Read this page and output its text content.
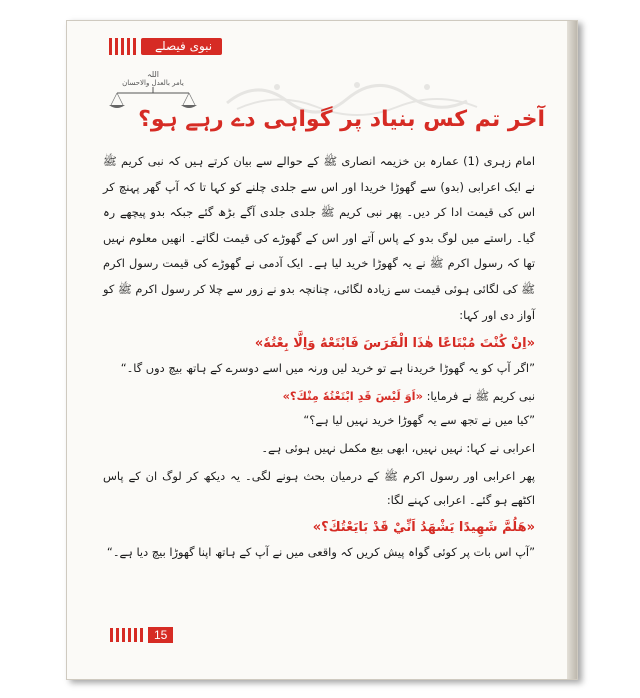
نبوی فیصلے
اللہ
یامر بالعدل والاحسان
آخر تم کس بنیاد پر گواہی دے رہے ہو؟

امام زہری (1) عمارہ بن خزیمہ انصاری ﷺ کے حوالے سے بیان کرتے ہیں کہ نبی کریم ﷺ نے ایک اعرابی (بدو) سے گھوڑا خریدا اور اس سے جلدی چلنے کو کہا تا کہ آپ گھر پہنچ کر اس کی قیمت ادا کر دیں۔ پھر نبی کریم ﷺ جلدی جلدی آگے بڑھ گئے جبکہ بدو پیچھے رہ گیا۔ راستے میں لوگ بدو کے پاس آتے اور اس کے گھوڑے کی قیمت لگاتے۔ انھیں معلوم نہیں تھا کہ رسول اکرم ﷺ نے یہ گھوڑا خرید لیا ہے۔ ایک آدمی نے گھوڑے کی قیمت رسول اکرم ﷺ کی لگائی ہوئی قیمت سے زیادہ لگائی، چنانچہ بدو نے زور سے چلا کر رسول اکرم ﷺ کو آواز دی اور کہا:

«اِنْ كُنْتَ مُبْتَاعًا هٰذَا الْفَرَسَ فَابْتَعْهُ وَاِلَّا بِعْتُهٗ»

”اگر آپ کو یہ گھوڑا خریدنا ہے تو خرید لیں ورنہ میں اسے دوسرے کے ہاتھ بیچ دوں گا۔“

نبی کریم ﷺ نے فرمایا: «اَوَ لَیْسَ قَدِ ابْتَعْتُهٗ مِنْكَ؟»

”کیا میں نے تجھ سے یہ گھوڑا خرید نہیں لیا ہے؟“

اعرابی نے کہا: نہیں نہیں، ابھی بیع مکمل نہیں ہوئی ہے۔

پھر اعرابی اور رسول اکرم ﷺ کے درمیان بحث ہونے لگی۔ یہ دیکھ کر لوگ ان کے پاس اکٹھے ہو گئے۔ اعرابی کہنے لگا:

«هَلُمَّ شَهِيدًا يَشْهَدُ اَنِّيْ قَدْ بَايَعْتُكَ؟»

”آپ اس بات پر کوئی گواہ پیش کریں کہ واقعی میں نے آپ کے ہاتھ اپنا گھوڑا بیچ دیا ہے۔“

15
